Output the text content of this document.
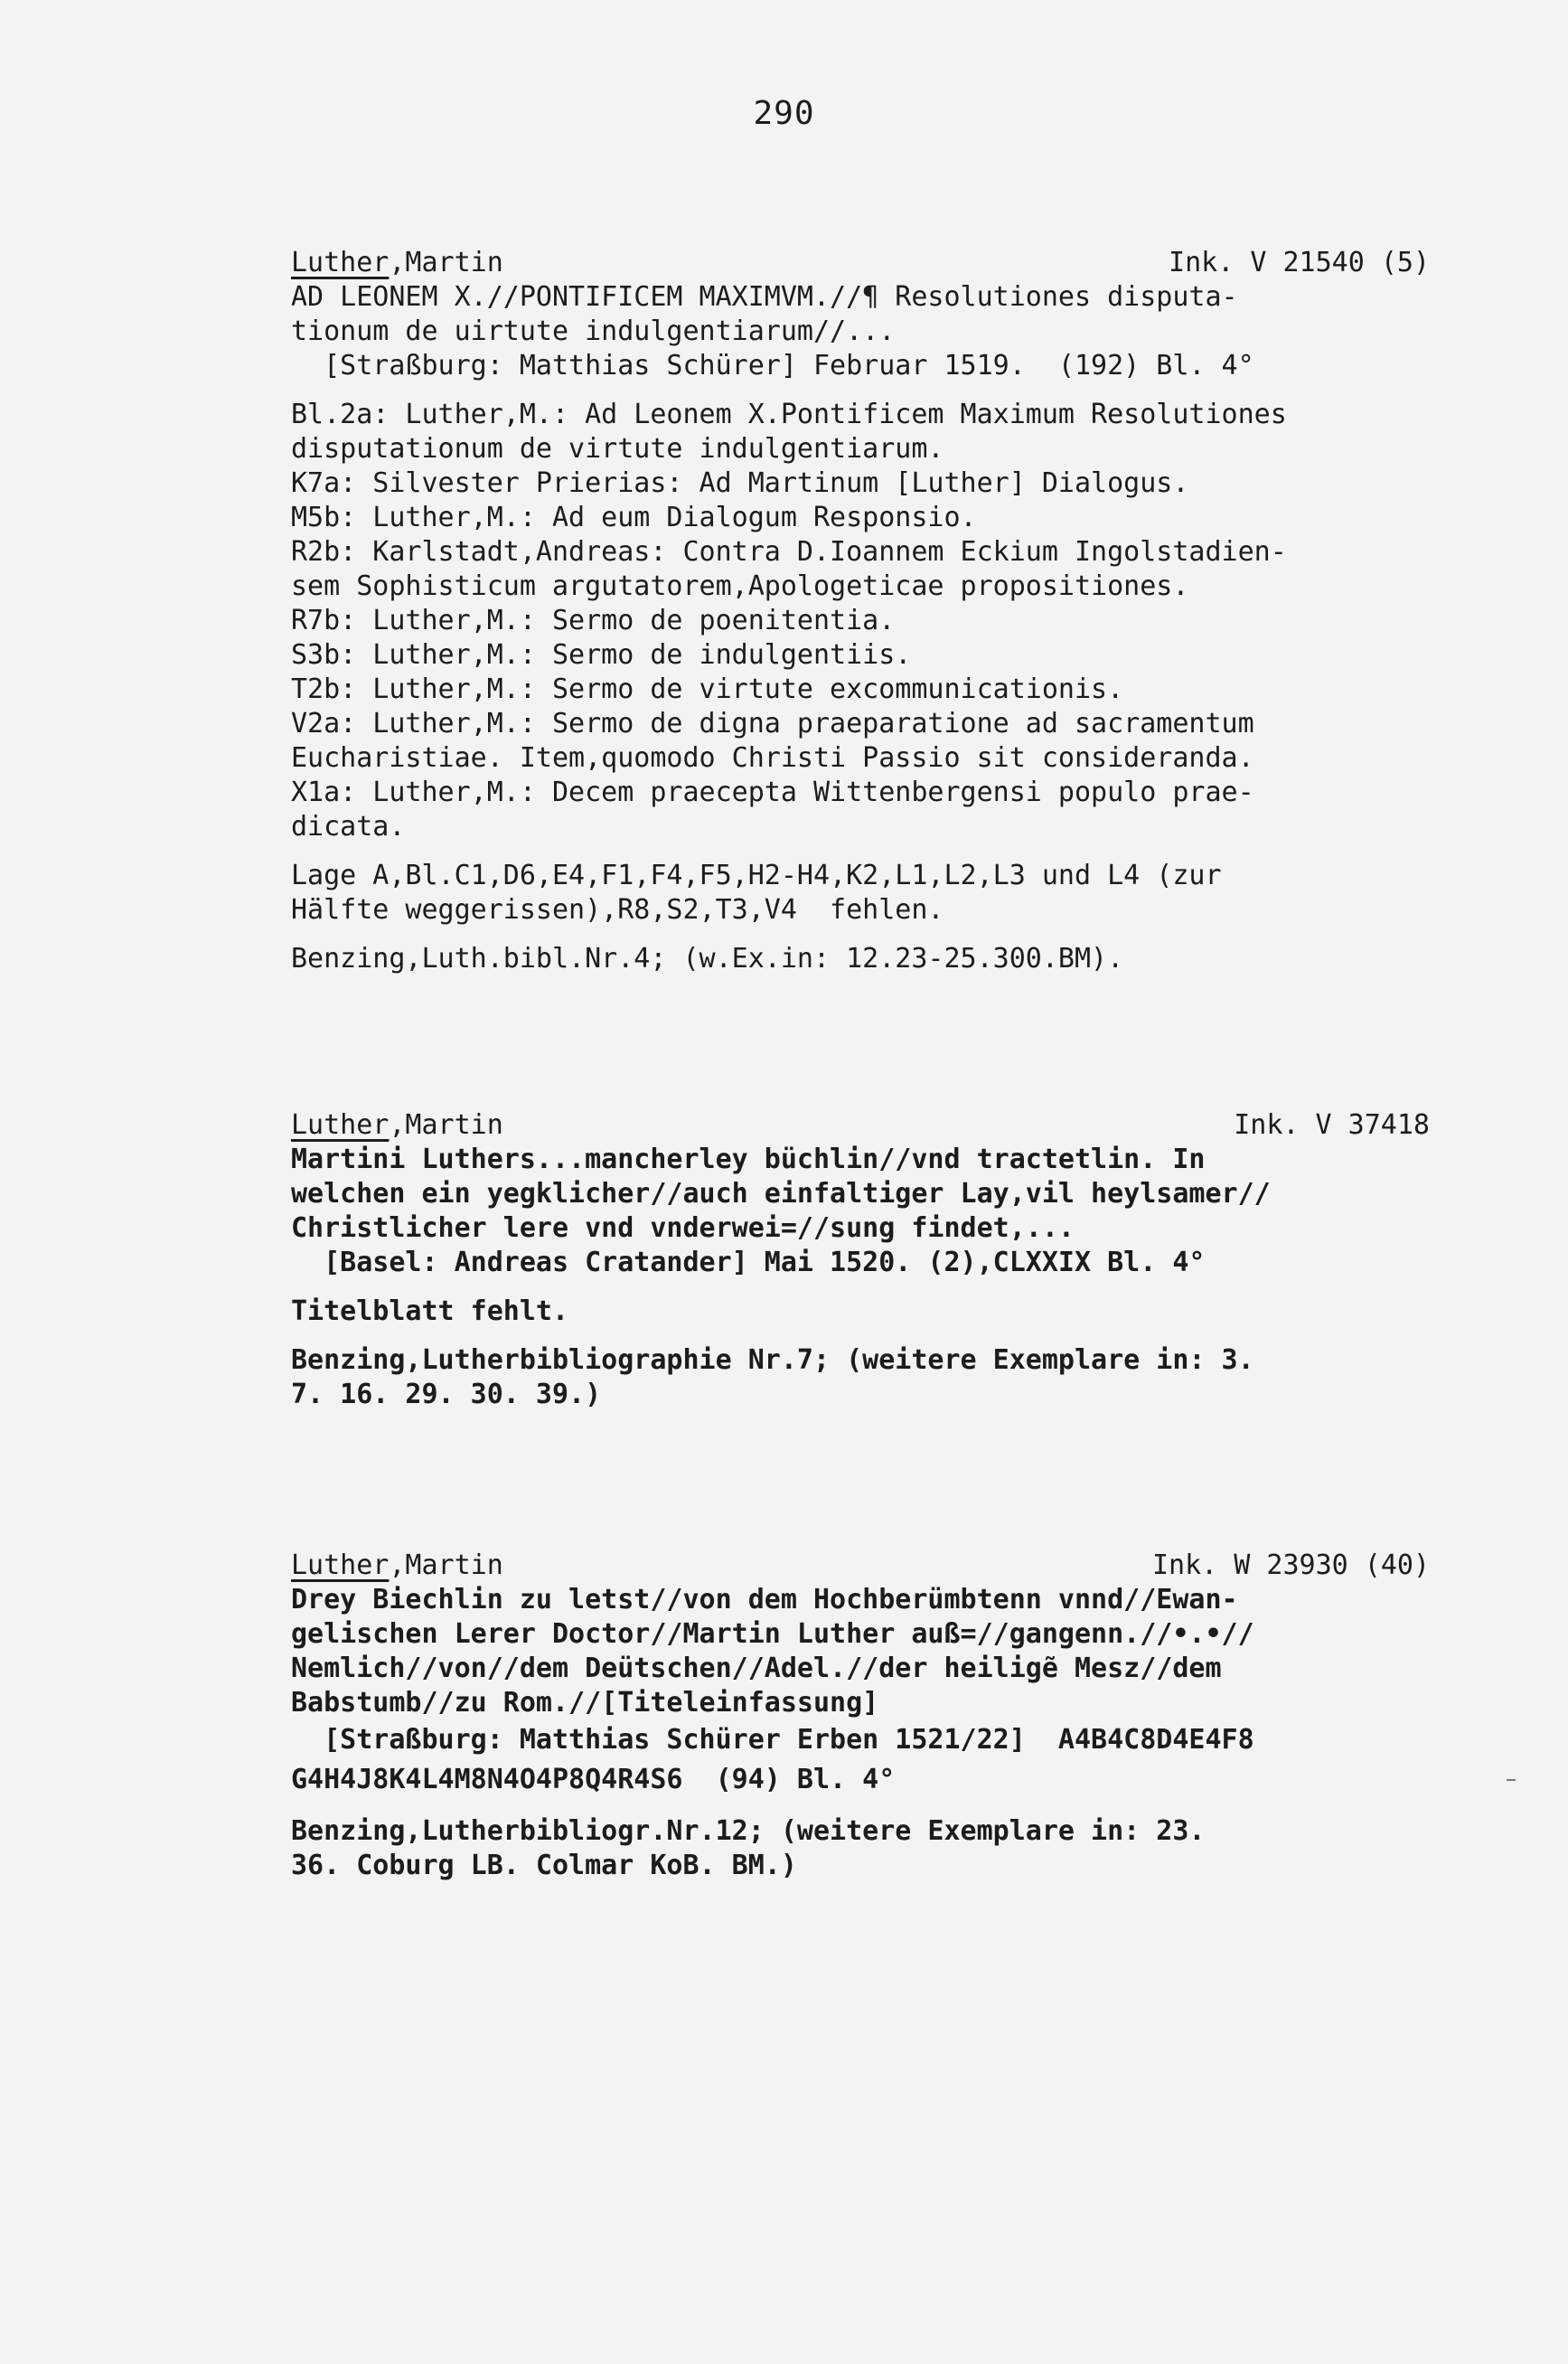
290
Luther,Martin	Ink. V 21540 (5)
AD LEONEM X.//PONTIFICEM MAXIMVM.//¶ Resolutiones disputa-
tionum de uirtute indulgentiarum//...
[Straßburg: Matthias Schürer] Februar 1519.  (192) Bl. 4°
Bl.2a: Luther,M.: Ad Leonem X.Pontificem Maximum Resolutiones
disputationum de virtute indulgentiarum.
K7a: Silvester Prierias: Ad Martinum [Luther] Dialogus.
M5b: Luther,M.: Ad eum Dialogum Responsio.
R2b: Karlstadt,Andreas: Contra D.Ioannem Eckium Ingolstadien-
sem Sophisticum argutatorem,Apologeticae propositiones.
R7b: Luther,M.: Sermo de poenitentia.
S3b: Luther,M.: Sermo de indulgentiis.
T2b: Luther,M.: Sermo de virtute excommunicationis.
V2a: Luther,M.: Sermo de digna praeparatione ad sacramentum
Eucharistiae. Item,quomodo Christi Passio sit consideranda.
X1a: Luther,M.: Decem praecepta Wittenbergensi populo prae-
dicata.
Lage A,Bl.C1,D6,E4,F1,F4,F5,H2-H4,K2,L1,L2,L3 und L4 (zur
Hälfte weggerissen),R8,S2,T3,V4  fehlen.
Benzing,Luth.bibl.Nr.4; (w.Ex.in: 12.23-25.300.BM).
Luther,Martin	Ink. V 37418
Martini Luthers...mancherley büchlin//vnd tractetlin. In
welchen ein yegklicher//auch einfaltiger Lay,vil heylsamer//
Christlicher lere vnd vnderwei=//sung findet,...
[Basel: Andreas Cratander] Mai 1520. (2),CLXXIX Bl. 4°
Titelblatt fehlt.
Benzing,Lutherbibliographie Nr.7; (weitere Exemplare in: 3.
7. 16. 29. 30. 39.)
Luther,Martin	Ink. W 23930 (40)
Drey Biechlin zu letst//von dem Hochberümbtenn vnnd//Ewan-
gelischen Lerer Doctor//Martin Luther auß=//gangenn.//•.•//
Nemlich//von//dem Deütschen//Adel.//der heiligẽ Mesz//dem
Babstumb//zu Rom.//[Titeleinfassung]
[Straßburg: Matthias Schürer Erben 1521/22] A4B4C8D4E4F8
G4H4J8K4L4M8N4O4P8Q4R4S6 (94) Bl. 4°
Benzing,Lutherbibliogr.Nr.12; (weitere Exemplare in: 23.
36. Coburg LB. Colmar KoB. BM.)
